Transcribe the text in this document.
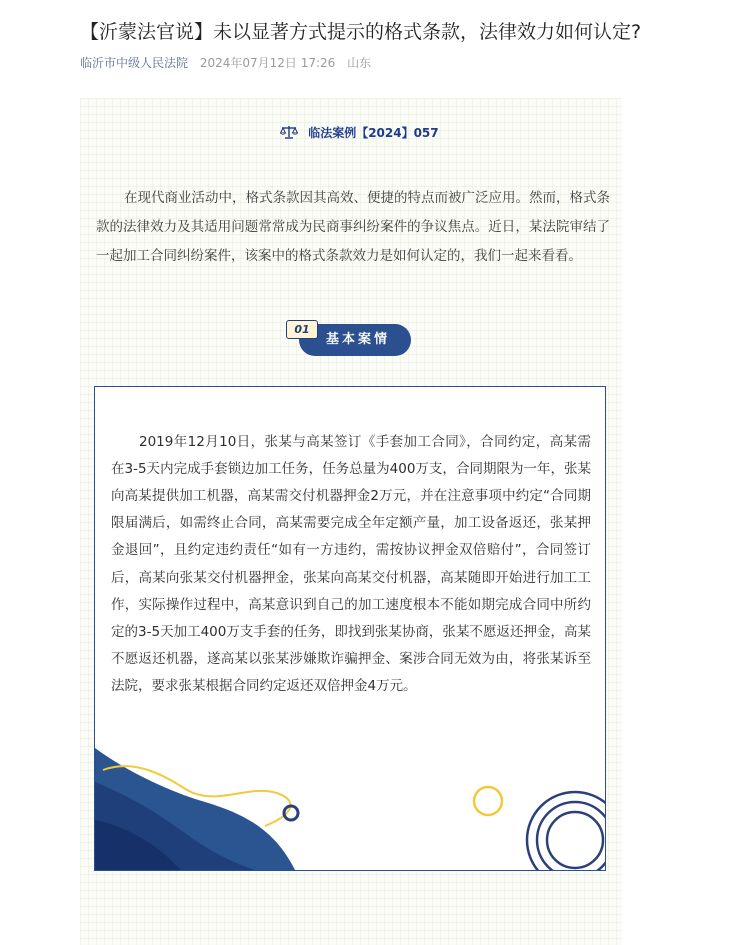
【沂蒙法官说】未以显著方式提示的格式条款，法律效力如何认定?
临沂市中级人民法院 2024年07月12日 17:26 山东
临法案例【2024】057

在现代商业活动中，格式条款因其高效、便捷的特点而被广泛应用。然而，格式条款的法律效力及其适用问题常常成为民商事纠纷案件的争议焦点。近日，某法院审结了一起加工合同纠纷案件，该案中的格式条款效力是如何认定的，我们一起来看看。

01
基本案情

2019年12月10日，张某与高某签订《手套加工合同》，合同约定，高某需在3-5天内完成手套锁边加工任务，任务总量为400万支，合同期限为一年，张某向高某提供加工机器，高某需交付机器押金2万元，并在注意事项中约定“合同期限届满后，如需终止合同，高某需要完成全年定额产量，加工设备返还，张某押金退回”，且约定违约责任“如有一方违约，需按协议押金双倍赔付”，合同签订后，高某向张某交付机器押金，张某向高某交付机器，高某随即开始进行加工工作，实际操作过程中，高某意识到自己的加工速度根本不能如期完成合同中所约定的3-5天加工400万支手套的任务，即找到张某协商，张某不愿返还押金，高某不愿返还机器，遂高某以张某涉嫌欺诈骗押金、案涉合同无效为由，将张某诉至法院，要求张某根据合同约定返还双倍押金4万元。
